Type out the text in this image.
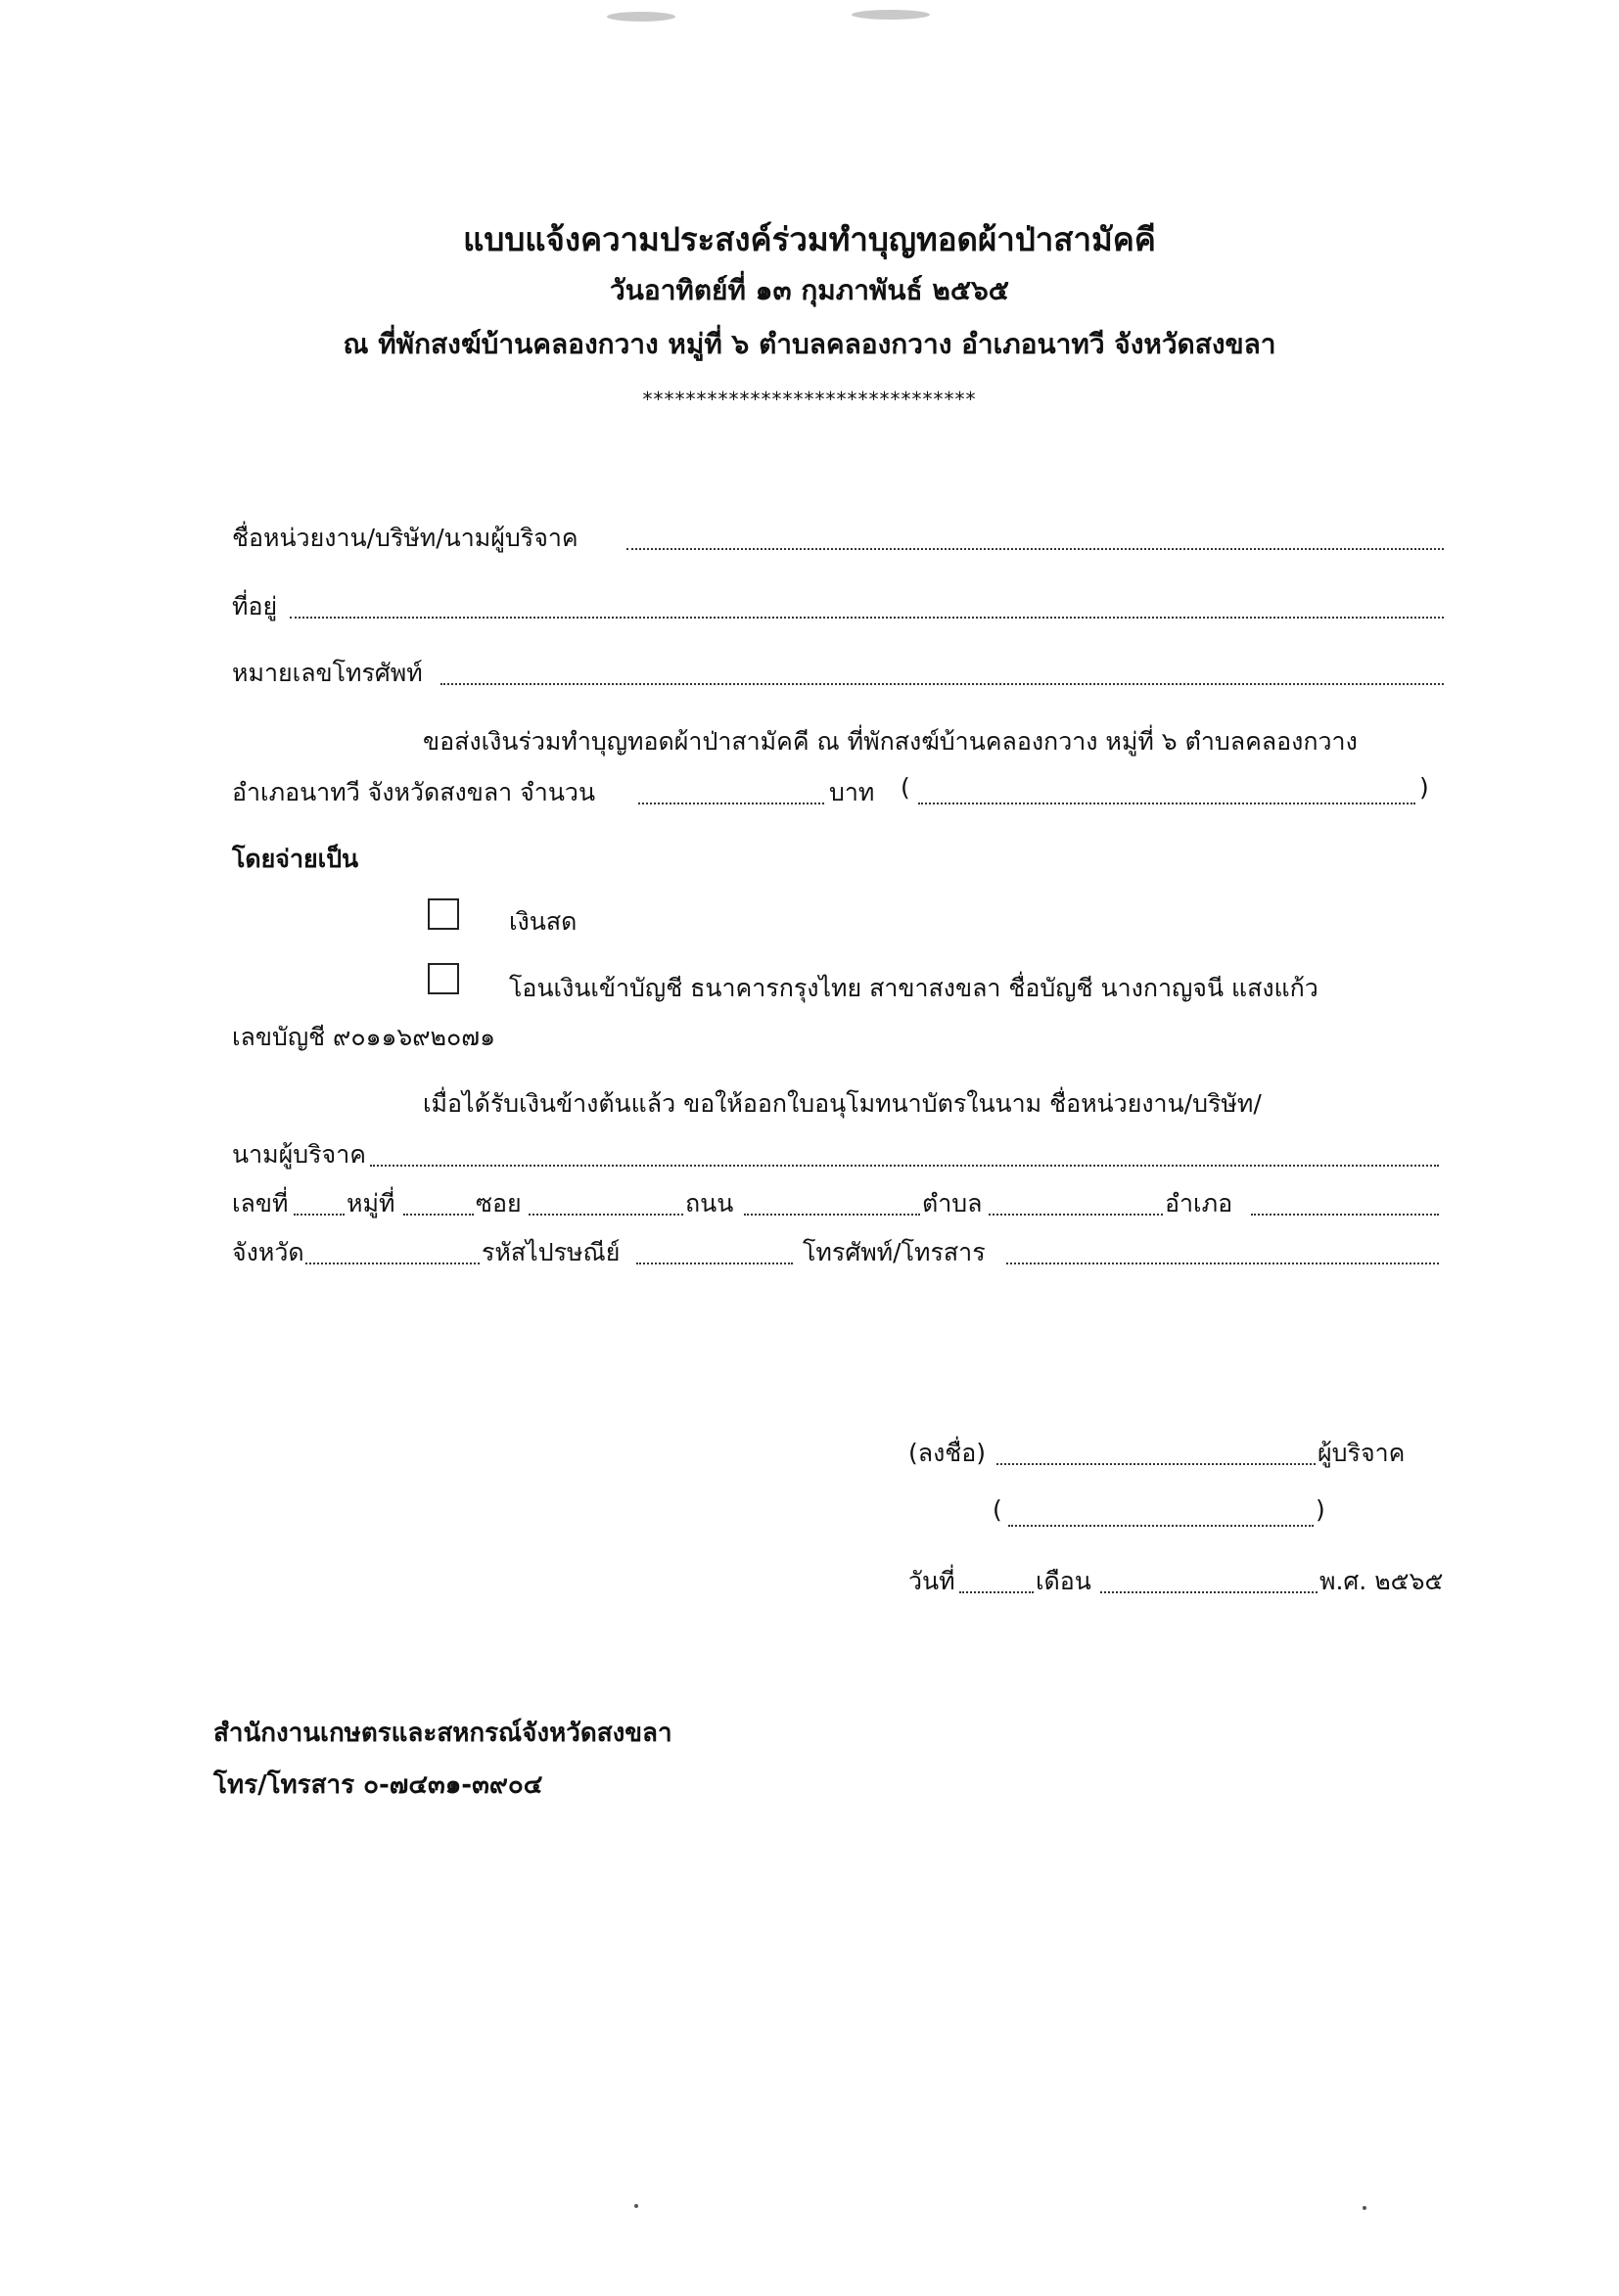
แบบแจ้งความประสงค์ร่วมทำบุญทอดผ้าป่าสามัคคี
วันอาทิตย์ที่ ๑๓ กุมภาพันธ์ ๒๕๖๕
ณ ที่พักสงฆ์บ้านคลองกวาง หมู่ที่ ๖ ตำบลคลองกวาง อำเภอนาทวี จังหวัดสงขลา
*******************************
ชื่อหน่วยงาน/บริษัท/นามผู้บริจาค
ที่อยู่
หมายเลขโทรศัพท์
ขอส่งเงินร่วมทำบุญทอดผ้าป่าสามัคคี ณ ที่พักสงฆ์บ้านคลองกวาง หมู่ที่ ๖ ตำบลคลองกวาง
อำเภอนาทวี จังหวัดสงขลา จำนวน	บาท (	)
โดยจ่ายเป็น
เงินสด
โอนเงินเข้าบัญชี ธนาคารกรุงไทย สาขาสงขลา ชื่อบัญชี นางกาญจนี แสงแก้ว
เลขบัญชี ๙๐๑๑๖๙๒๐๗๑
เมื่อได้รับเงินข้างต้นแล้ว ขอให้ออกใบอนุโมทนาบัตรในนาม ชื่อหน่วยงาน/บริษัท/
นามผู้บริจาค
เลขที่ หมู่ที่	ซอย	ถนน	ตำบล	อำเภอ
จังหวัด	รหัสไปรษณีย์	โทรศัพท์/โทรสาร
(ลงชื่อ)	ผู้บริจาค
(	)
วันที่	เดือน	พ.ศ. ๒๕๖๕
สำนักงานเกษตรและสหกรณ์จังหวัดสงขลา
โทร/โทรสาร ๐-๗๔๓๑-๓๙๐๔
